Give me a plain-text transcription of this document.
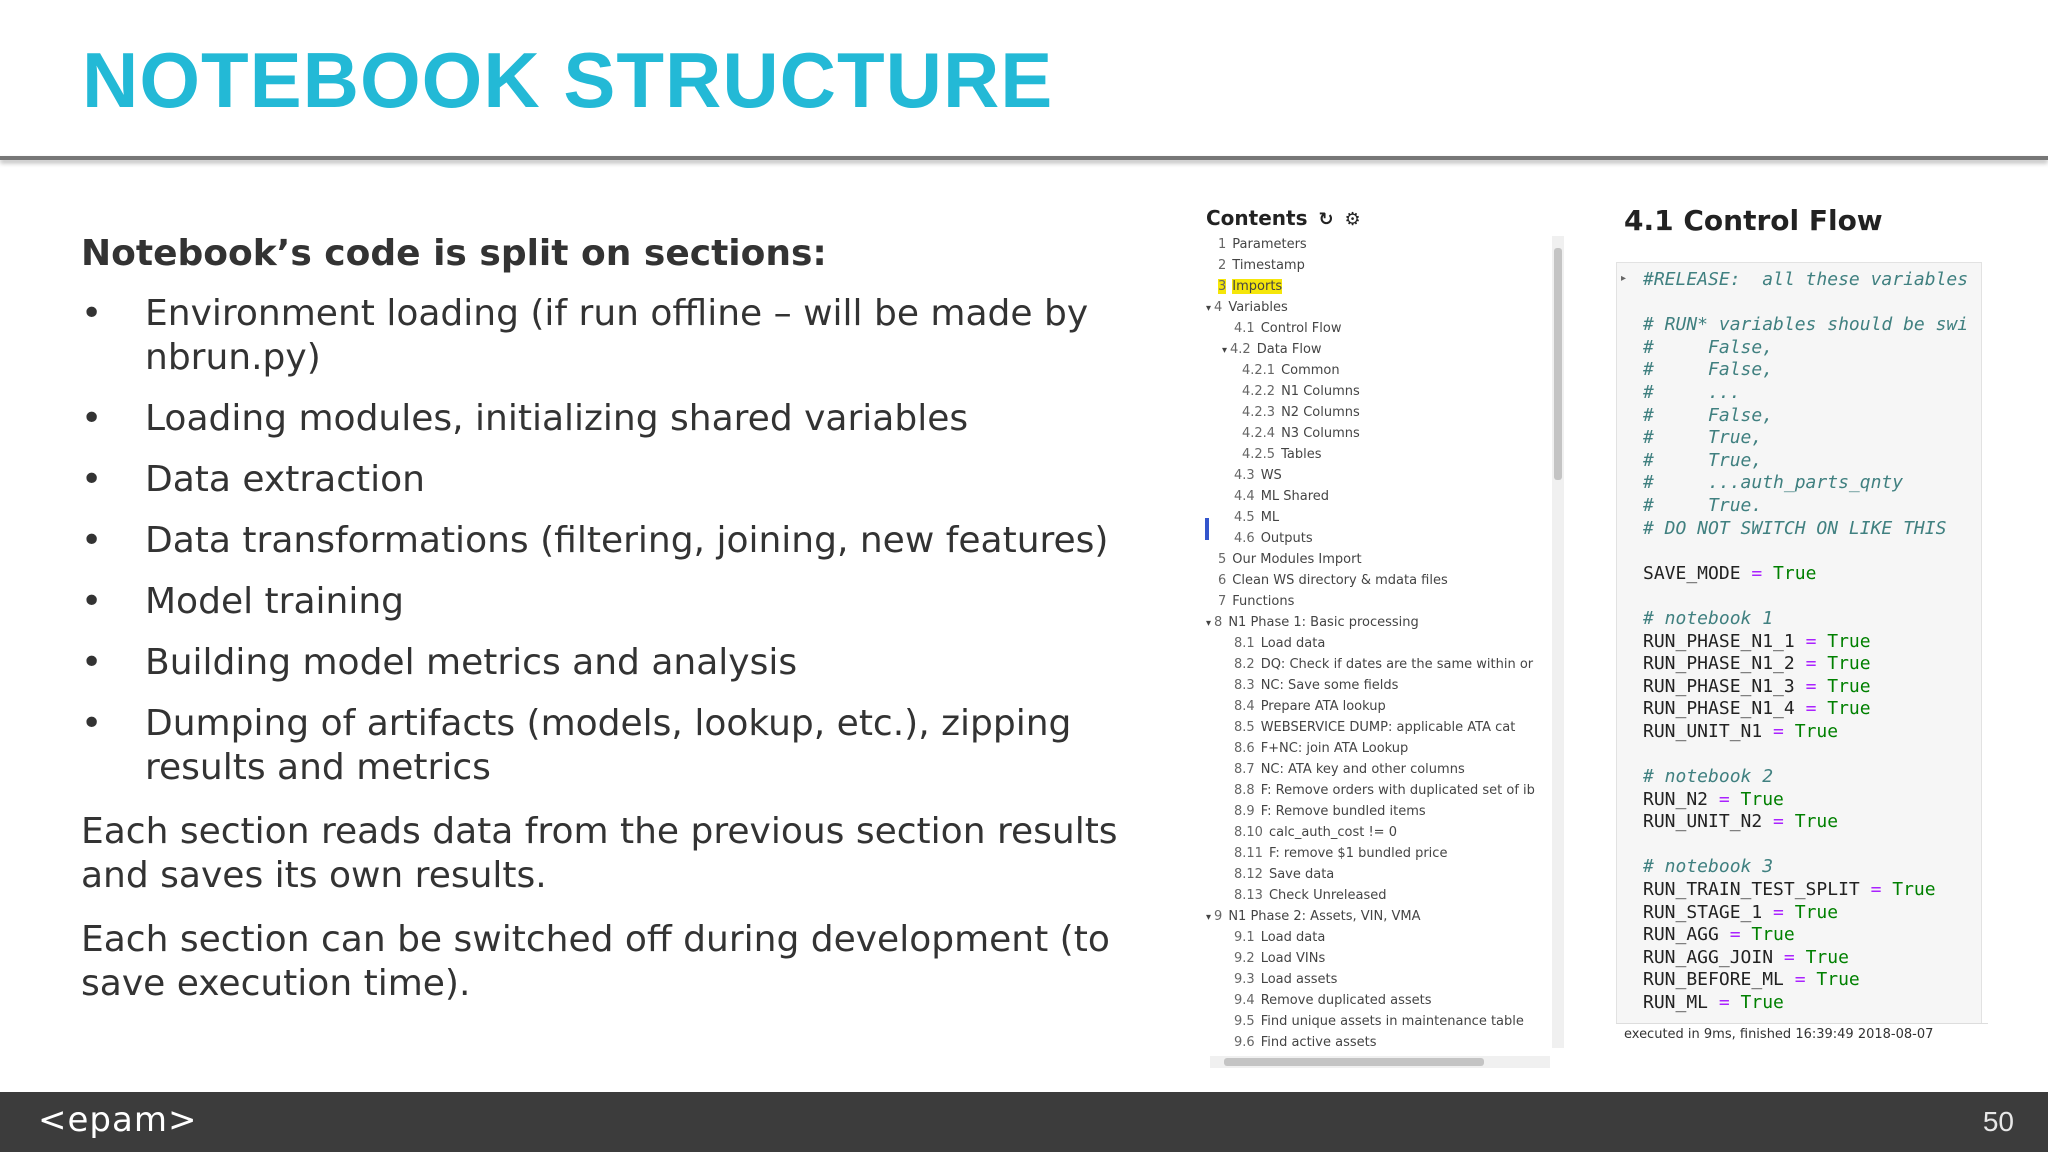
NOTEBOOK STRUCTURE
Notebook’s code is split on sections:
• Environment loading (if run offline – will be made by nbrun.py)
• Loading modules, initializing shared variables
• Data extraction
• Data transformations (filtering, joining, new features)
• Model training
• Building model metrics and analysis
• Dumping of artifacts (models, lookup, etc.), zipping results and metrics
Each section reads data from the previous section results and saves its own results.
Each section can be switched off during development (to save execution time).
Contents ↻ ⚙
1 Parameters
2 Timestamp
3 Imports
▾ 4 Variables
4.1 Control Flow
▾ 4.2 Data Flow
4.2.1 Common
4.2.2 N1 Columns
4.2.3 N2 Columns
4.2.4 N3 Columns
4.2.5 Tables
4.3 WS
4.4 ML Shared
4.5 ML
4.6 Outputs
5 Our Modules Import
6 Clean WS directory & mdata files
7 Functions
▾ 8 N1 Phase 1: Basic processing
8.1 Load data
8.2 DQ: Check if dates are the same within or
8.3 NC: Save some fields
8.4 Prepare ATA lookup
8.5 WEBSERVICE DUMP: applicable ATA cat
8.6 F+NC: join ATA Lookup
8.7 NC: ATA key and other columns
8.8 F: Remove orders with duplicated set of ib
8.9 F: Remove bundled items
8.10 calc_auth_cost != 0
8.11 F: remove $1 bundled price
8.12 Save data
8.13 Check Unreleased
▾ 9 N1 Phase 2: Assets, VIN, VMA
9.1 Load data
9.2 Load VINs
9.3 Load assets
9.4 Remove duplicated assets
9.5 Find unique assets in maintenance table
9.6 Find active assets
4.1 Control Flow
▸ #RELEASE:  all these variables
# RUN* variables should be swi
#     False,
#     False,
#     ...
#     False,
#     True,
#     True,
#     ...auth_parts_qnty
#     True.
# DO NOT SWITCH ON LIKE THIS
SAVE_MODE = True
# notebook 1
RUN_PHASE_N1_1 = True
RUN_PHASE_N1_2 = True
RUN_PHASE_N1_3 = True
RUN_PHASE_N1_4 = True
RUN_UNIT_N1 = True
# notebook 2
RUN_N2 = True
RUN_UNIT_N2 = True
# notebook 3
RUN_TRAIN_TEST_SPLIT = True
RUN_STAGE_1 = True
RUN_AGG = True
RUN_AGG_JOIN = True
RUN_BEFORE_ML = True
RUN_ML = True
executed in 9ms, finished 16:39:49 2018-08-07
<epam>	50
